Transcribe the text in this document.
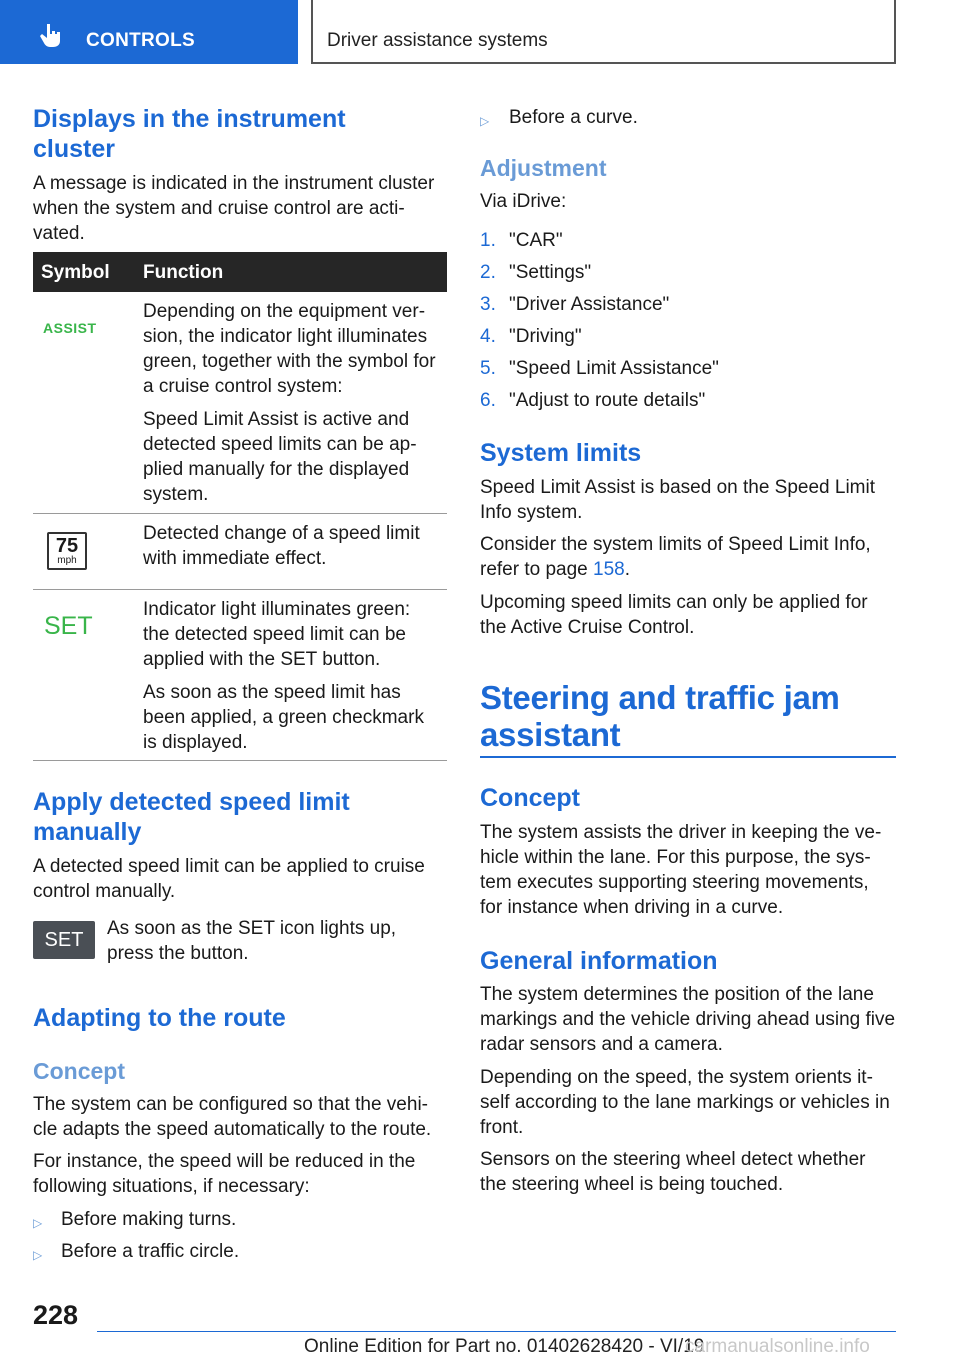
CONTROLS	Driver assistance systems
Displays in the instrument
cluster
A message is indicated in the instrument cluster
when the system and cruise control are acti-
vated.
Symbol Function
ASSIST
Depending on the equipment ver-
sion, the indicator light illuminates
green, together with the symbol for
a cruise control system:
Speed Limit Assist is active and
detected speed limits can be ap-
plied manually for the displayed
system.
75
mph
Detected change of a speed limit
with immediate effect.
SET
Indicator light illuminates green:
the detected speed limit can be
applied with the SET button.
As soon as the speed limit has
been applied, a green checkmark
is displayed.
Apply detected speed limit
manually
A detected speed limit can be applied to cruise
control manually.
SET
As soon as the SET icon lights up,
press the button.
Adapting to the route
Concept
The system can be configured so that the vehi-
cle adapts the speed automatically to the route.
For instance, the speed will be reduced in the
following situations, if necessary:
▷ Before making turns.
▷ Before a traffic circle.
▷ Before a curve.
Adjustment
Via iDrive:
1. "CAR"
2. "Settings"
3. "Driver Assistance"
4. "Driving"
5. "Speed Limit Assistance"
6. "Adjust to route details"
System limits
Speed Limit Assist is based on the Speed Limit
Info system.
Consider the system limits of Speed Limit Info,
refer to page 158.
Upcoming speed limits can only be applied for
the Active Cruise Control.
Steering and traffic jam
assistant
Concept
The system assists the driver in keeping the ve-
hicle within the lane. For this purpose, the sys-
tem executes supporting steering movements,
for instance when driving in a curve.
General information
The system determines the position of the lane
markings and the vehicle driving ahead using five
radar sensors and a camera.
Depending on the speed, the system orients it-
self according to the lane markings or vehicles in
front.
Sensors on the steering wheel detect whether
the steering wheel is being touched.
228
Online Edition for Part no. 01402628420 - VI/19
carmanualsonline.info
